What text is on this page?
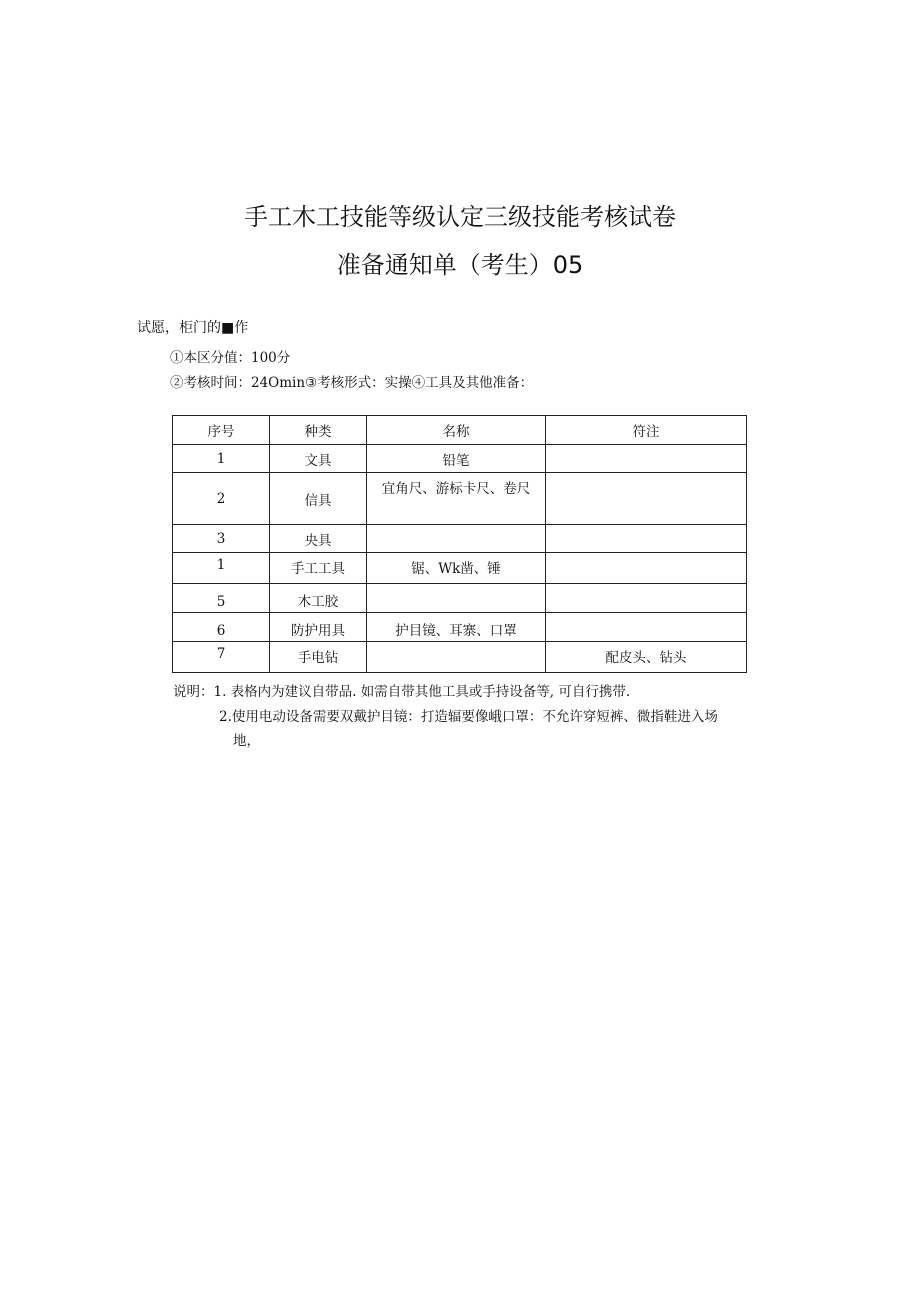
手工木工技能等级认定三级技能考核试卷
准备通知单（考生）05
试愿，柜门的■作
①本区分值：100分
②考核时间：24Omin③考核形式：实操④工具及其他准备：
序号	种类	名称	符注
1	文具	铅笔	
2	信具	宜角尺、游标卡尺、卷尺	
3	央具		
1	手工工具	锯、Wk凿、锤	
5	木工胶		
6	防护用具	护目镜、耳寨、口罩	
7	手电钻		配皮头、钻头
说明：1. 表格内为建议自带品. 如需自带其他工具或手持设备等, 可自行携带.
2.使用电动设备需要双戴护目镜：打造辐要像峨口罩：不允许穿短裤、微指鞋进入场
地，
